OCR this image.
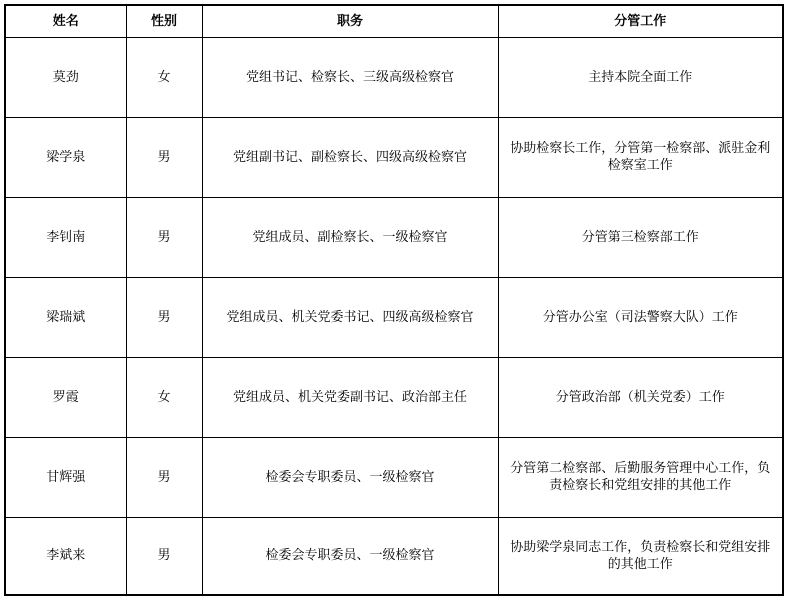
姓名	性别	职务	分管工作
莫劲	女	党组书记、检察长、三级高级检察官	主持本院全面工作
梁学泉	男	党组副书记、副检察长、四级高级检察官	协助检察长工作，分管第一检察部、派驻金利检察室工作
李钊南	男	党组成员、副检察长、一级检察官	分管第三检察部工作
梁瑞斌	男	党组成员、机关党委书记、四级高级检察官	分管办公室（司法警察大队）工作
罗霞	女	党组成员、机关党委副书记、政治部主任	分管政治部（机关党委）工作
甘辉强	男	检委会专职委员、一级检察官	分管第二检察部、后勤服务管理中心工作，负责检察长和党组安排的其他工作
李斌来	男	检委会专职委员、一级检察官	协助梁学泉同志工作，负责检察长和党组安排的其他工作
